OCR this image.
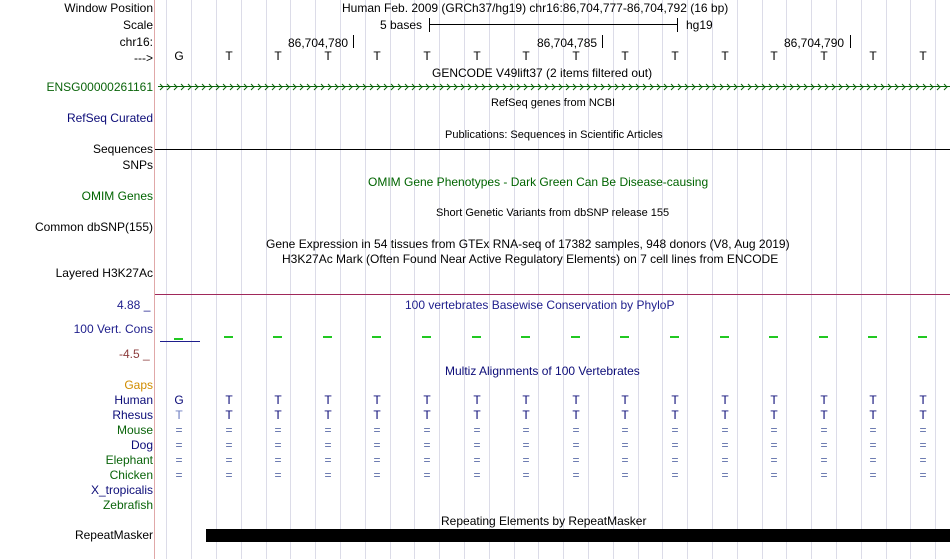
Window Position	Human Feb. 2009 (GRCh37/hg19) chr16:86,704,777-86,704,792 (16 bp)
Scale	5 bases	hg19
chr16:	86,704,780	86,704,785	86,704,790
--->	G	T	T	T	T	T	T	T	T	T	T	T	T	T	T	T
GENCODE V49lift37 (2 items filtered out)
ENSG00000261161
RefSeq genes from NCBI
RefSeq Curated
Publications: Sequences in Scientific Articles
Sequences
SNPs
OMIM Gene Phenotypes - Dark Green Can Be Disease-causing
OMIM Genes
Short Genetic Variants from dbSNP release 155
Common dbSNP(155)
Gene Expression in 54 tissues from GTEx RNA-seq of 17382 samples, 948 donors (V8, Aug 2019)
H3K27Ac Mark (Often Found Near Active Regulatory Elements) on 7 cell lines from ENCODE
Layered H3K27Ac
100 vertebrates Basewise Conservation by PhyloP
4.88 _
100 Vert. Cons
-4.5 _
Multiz Alignments of 100 Vertebrates
Gaps
Human	G	T	T	T	T	T	T	T	T	T	T	T	T	T	T	T
Rhesus	T	T	T	T	T	T	T	T	T	T	T	T	T	T	T	T
Mouse	=	=	=	=	=	=	=	=	=	=	=	=	=	=	=	=
Dog	=	=	=	=	=	=	=	=	=	=	=	=	=	=	=	=
Elephant	=	=	=	=	=	=	=	=	=	=	=	=	=	=	=	=
Chicken	=	=	=	=	=	=	=	=	=	=	=	=	=	=	=	=
X_tropicalis
Zebrafish
Repeating Elements by RepeatMasker
RepeatMasker
